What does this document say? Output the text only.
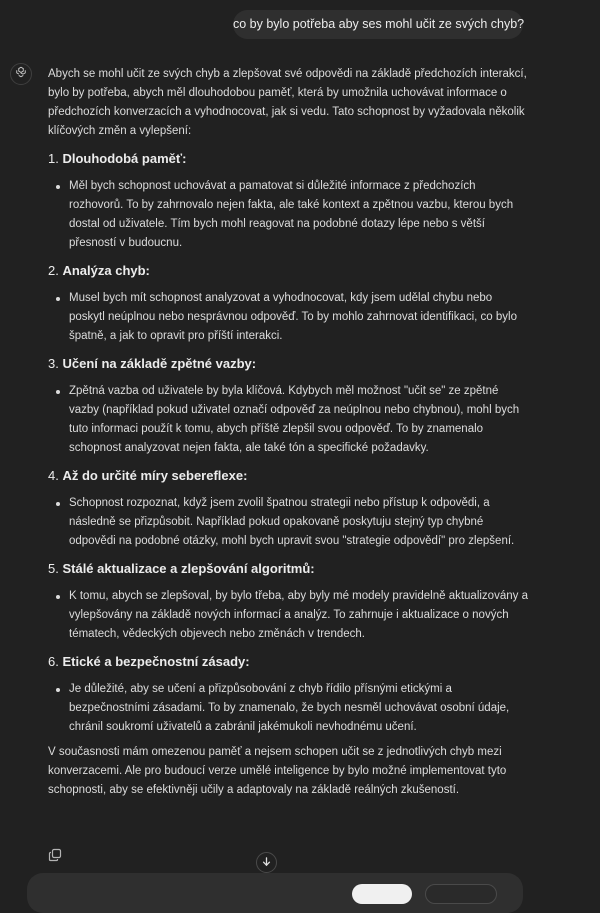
co by bylo potřeba aby ses mohl učit ze svých chyb?

Abych se mohl učit ze svých chyb a zlepšovat své odpovědi na základě předchozích interakcí, bylo by potřeba, abych měl dlouhodobou paměť, která by umožnila uchovávat informace o předchozích konverzacích a vyhodnocovat, jak si vedu. Tato schopnost by vyžadovala několik klíčových změn a vylepšení:

1. Dlouhodobá paměť:
Měl bych schopnost uchovávat a pamatovat si důležité informace z předchozích rozhovorů. To by zahrnovalo nejen fakta, ale také kontext a zpětnou vazbu, kterou bych dostal od uživatele. Tím bych mohl reagovat na podobné dotazy lépe nebo s větší přesností v budoucnu.
2. Analýza chyb:
Musel bych mít schopnost analyzovat a vyhodnocovat, kdy jsem udělal chybu nebo poskytl neúplnou nebo nesprávnou odpověď. To by mohlo zahrnovat identifikaci, co bylo špatně, a jak to opravit pro příští interakci.
3. Učení na základě zpětné vazby:
Zpětná vazba od uživatele by byla klíčová. Kdybych měl možnost "učit se" ze zpětné vazby (například pokud uživatel označí odpověď za neúplnou nebo chybnou), mohl bych tuto informaci použít k tomu, abych příště zlepšil svou odpověď. To by znamenalo schopnost analyzovat nejen fakta, ale také tón a specifické požadavky.
4. Až do určité míry sebereflexe:
Schopnost rozpoznat, když jsem zvolil špatnou strategii nebo přístup k odpovědi, a následně se přizpůsobit. Například pokud opakovaně poskytuju stejný typ chybné odpovědi na podobné otázky, mohl bych upravit svou "strategie odpovědí" pro zlepšení.
5. Stálé aktualizace a zlepšování algoritmů:
K tomu, abych se zlepšoval, by bylo třeba, aby byly mé modely pravidelně aktualizovány a vylepšovány na základě nových informací a analýz. To zahrnuje i aktualizace o nových tématech, vědeckých objevech nebo změnách v trendech.
6. Etické a bezpečnostní zásady:
Je důležité, aby se učení a přizpůsobování z chyb řídilo přísnými etickými a bezpečnostními zásadami. To by znamenalo, že bych nesměl uchovávat osobní údaje, chránil soukromí uživatelů a zabránil jakémukoli nevhodnému učení.

V současnosti mám omezenou paměť a nejsem schopen učit se z jednotlivých chyb mezi konverzacemi. Ale pro budoucí verze umělé inteligence by bylo možné implementovat tyto schopnosti, aby se efektivněji učily a adaptovaly na základě reálných zkušeností.
